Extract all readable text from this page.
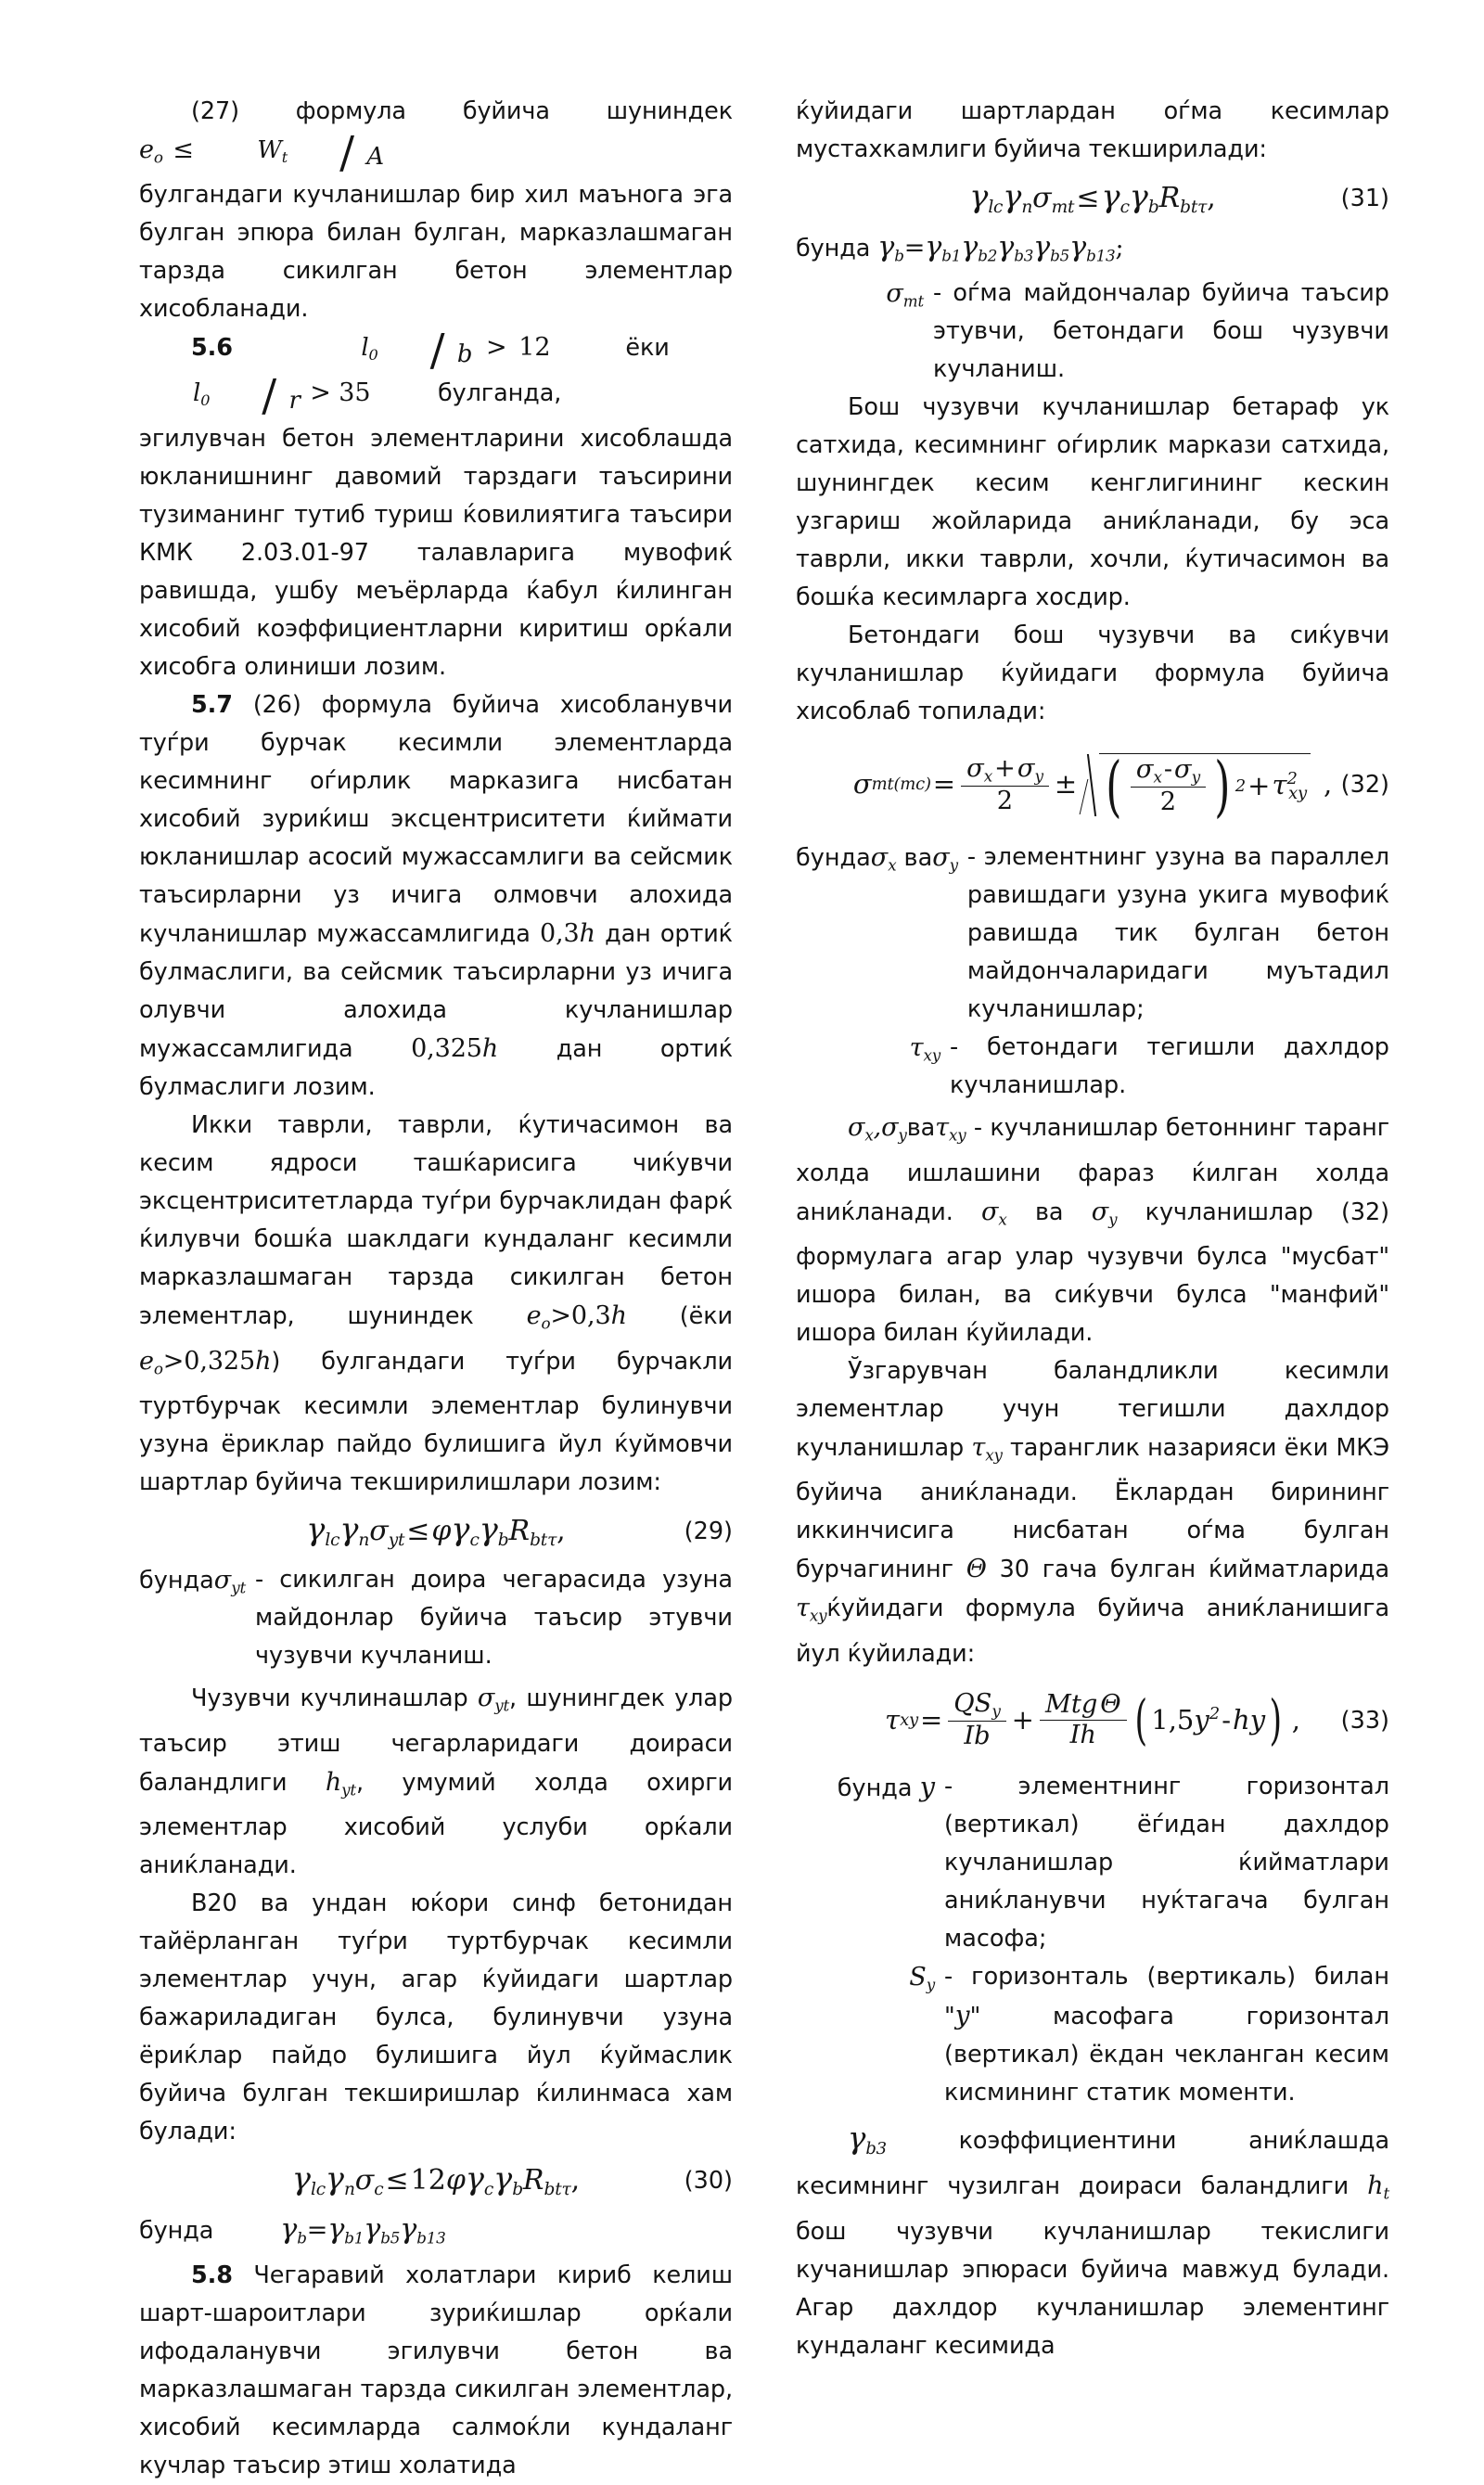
(27) формула буйича шуниндек $e_o$ ≤	$W_t$	∕ A

булгандаги кучланишлар бир хил маънога эга булган эпюра билан булган, марказлашмаган тарзда сикилган бетон элементлар хисобланади.

5.6	$l_0$	∕ b > 12	ёки
$l_0$	∕ r > 35	булганда,

эгилувчан бетон элементларини хисоблашда юкланишнинг давомий тарздаги таъсирини тузиманинг тутиб туриш ќовилиятига таъсири КМК 2.03.01-97 талавларига мувофиќ равишда, ушбу меъёрларда ќабул ќилинган хисобий коэффициентларни киритиш орќали хисобга олиниши лозим.

5.7 (26) формула буйича хисобланувчи туѓри бурчак кесимли элементларда кесимнинг оѓирлик марказига нисбатан хисобий зуриќиш эксцентриситети ќиймати юкланишлар асосий мужассамлиги ва сейсмик таъсирларни уз ичига олмовчи алохида кучланишлар мужассамлигида 0,3h дан ортиќ булмаслиги, ва сейсмик таъсирларни уз ичига олувчи алохида кучланишлар мужассамлигида 0,325h дан ортиќ булмаслиги лозим.

Икки таврли, таврли, ќутичасимон ва кесим ядроси ташќарисига чиќувчи эксцентриситетларда туѓри бурчаклидан фарќ ќилувчи бошќа шаклдаги кундаланг кесимли марказлашмаган тарзда сикилган бетон элементлар, шуниндек $e_o>0,3h$ (ёки $e_o>0,325h$) булгандаги туѓри бурчакли туртбурчак кесимли элементлар булинувчи узуна ёриклар пайдо булишига йул ќуймовчи шартлар буйича текширилишлари лозим:

$\gamma_{lc}\gamma_n\sigma_{yt}\le\varphi\gamma_c\gamma_bR_{bt\tau}$,	(29)
бундаσ$_{yt}$ - сикилган доира чегарасида узуна майдонлар буйича таъсир этувчи чузувчи кучланиш.

Чузувчи кучлинашлар $\sigma_{yt}$, шунингдек улар таъсир этиш чегарларидаги доираси баландлиги $h_{yt}$, умумий холда охирги элементлар хисобий услуби орќали аниќланади.

В20 ва ундан юќори синф бетонидан тайёрланган туѓри туртбурчак кесимли элементлар учун, агар ќуйидаги шартлар бажариладиган булса, булинувчи узуна ёриќлар пайдо булишига йул ќуймаслик буйича булган текширишлар ќилинмаса хам булади:

$\gamma_{lc}\gamma_n\sigma_c\le 12\varphi\gamma_c\gamma_bR_{bt\tau}$,	(30)

бунда $\gamma_b=\gamma_{b1}\gamma_{b5}\gamma_{b13}$

5.8 Чегаравий холатлари кириб келиш шарт-шароитлари зуриќишлар орќали ифодаланувчи эгилувчи бетон ва марказлашмаган тарзда сикилган элементлар, хисобий кесимларда салмоќли кундаланг кучлар таъсир этиш холатида

ќуйидаги шартлардан оѓма кесимлар мустахкамлиги буйича текширилади:

$\gamma_{lc}\gamma_n\sigma_{mt}\le\gamma_c\gamma_bR_{bt\tau}$,	(31)

бунда $\gamma_b=\gamma_{b1}\gamma_{b2}\gamma_{b3}\gamma_{b5}\gamma_{b13}$;

$\sigma_{mt}$ - оѓма майдончалар буйича таъсир этувчи, бетондаги бош чузувчи кучланиш.

Бош чузувчи кучланишлар бетараф ук сатхида, кесимнинг оѓирлик маркази сатхида, шунингдек кесим кенглигининг кескин узгариш жойларида аниќланади, бу эса таврли, икки таврли, хочли, ќутичасимон ва бошќа кесимларга хосдир.

Бетондаги бош чузувчи ва сиќувчи кучланишлар ќуйидаги формула буйича хисоблаб топилади:

σ $mt(mc) = \frac{\sigma_x+\sigma_y}{2}$ ± ( $\frac{\sigma_x-\sigma_y}{2}$ ) $2 + \tau^2_{xy}$ , (32)
бундаσ$_x$ ваσ$_y$ - элементнинг узуна ва параллел равишдаги узуна укига мувофиќ равишда тик булган бетон майдончаларидаги муътадил кучланишлар;
$\tau_{xy}$ - бетондаги тегишли дахлдор кучланишлар.

$\sigma_x,\sigma_yва\tau_{xy}$ - кучланишлар бетоннинг таранг холда ишлашини фараз ќилган холда аниќланади. $\sigma_x$ ва $\sigma_y$ кучланишлар (32) формулага агар улар чузувчи булса "мусбат" ишора билан, ва сиќувчи булса "манфий" ишора билан ќуйилади.

Ўзгарувчан баландликли кесимли элементлар учун тегишли дахлдор кучланишлар $\tau_{xy}$ таранглик назарияси ёки МКЭ буйича аниќланади. Ёклардан бирининг иккинчисига нисбатан оѓма булган бурчагининг Θ 30 гача булган ќийматларида $\tau_{xy}ќуйидаги$ формула буйича аниќланишига йул ќуйилади:

τ xy = $\frac{QS_y}{Ib} + \frac{\text{Mtg Θ}}{Ih}$ ( $1,5y^2-hy$ ) , (33)
бунда y - элементнинг горизонтал (вертикал) ёѓидан дахлдор кучланишлар ќийматлари аниќланувчи нуќтагача булган масофа;
$S_y$ - горизонталь (вертикаль) билан "y" масофага горизонтал (вертикал) ёкдан чекланган кесим кисмининг статик моменти.

$\gamma_{b3}$	коэффициентини аниќлашда кесимнинг чузилган доираси баландлиги $h_t$ бош чузувчи кучланишлар текислиги кучанишлар эпюраси буйича мавжуд булади. Агар дахлдор кучланишлар элементинг кундаланг кесимида
